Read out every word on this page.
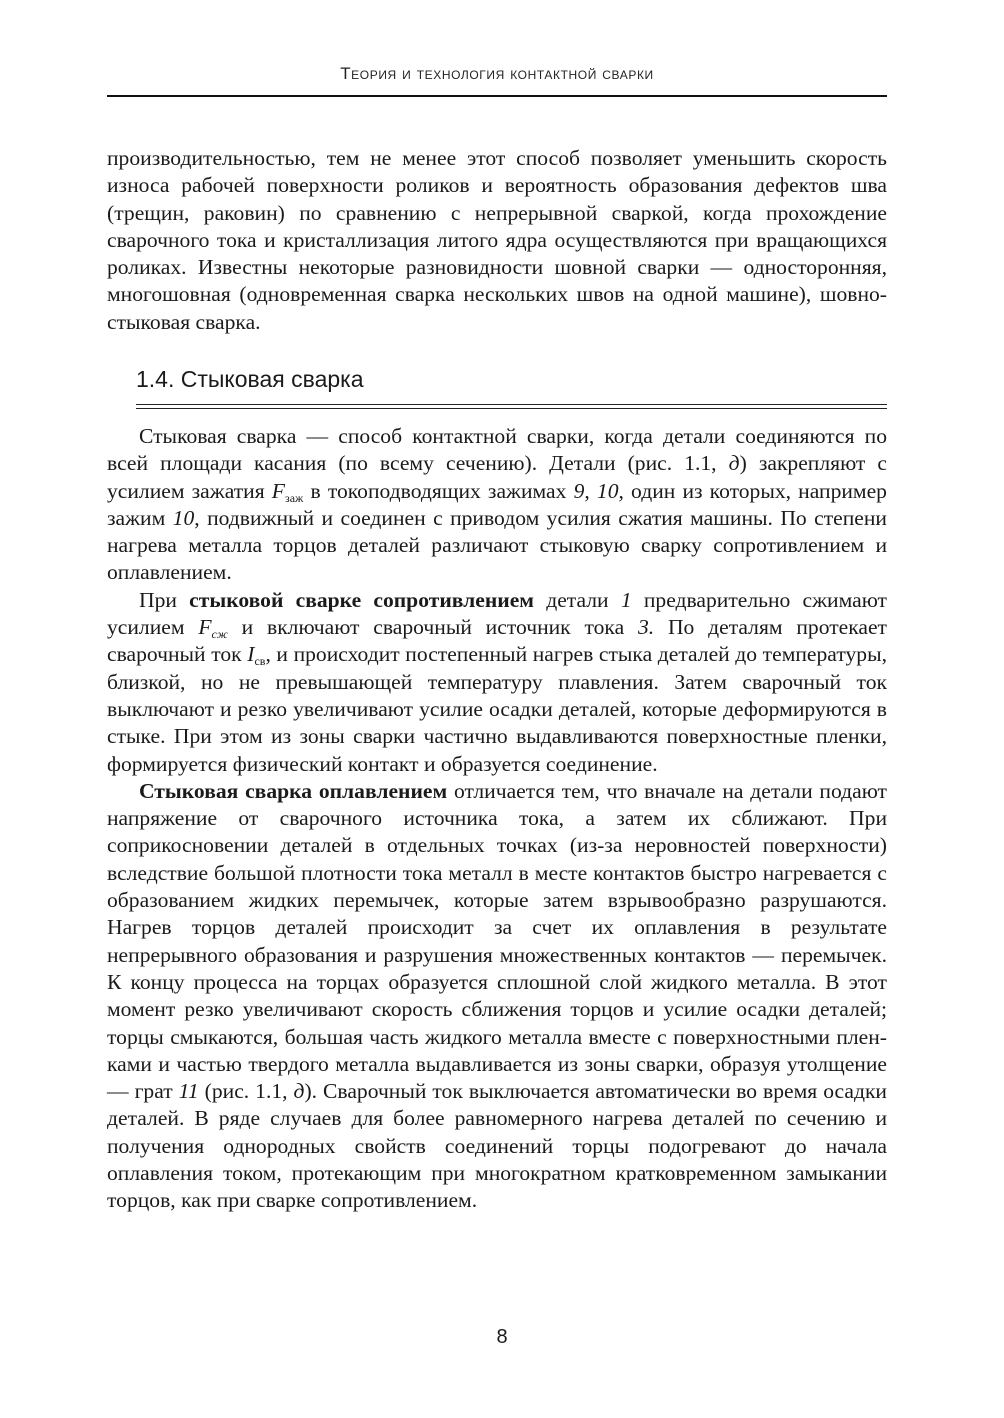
Теория и технология контактной сварки

производительностью, тем не менее этот способ позволяет уменьшить скорость износа рабочей поверхности роликов и вероятность образования дефектов шва (трещин, раковин) по сравнению с непрерывной сваркой, когда прохождение сварочного тока и кристаллизация литого ядра осуществляются при вращающихся роликах. Известны некоторые разновидности шовной сварки — односторонняя, многошовная (одновременная сварка нескольких швов на одной машине), шовно-стыковая сварка.

1.4. Стыковая сварка

Стыковая сварка — способ контактной сварки, когда детали соединяются по всей площади касания (по всему сечению). Детали (рис. 1.1, д) закрепляют с усилием зажатия $F_{заж}$ в токоподводящих зажимах 9, 10, один из которых, например зажим 10, подвижный и соединен с приводом усилия сжатия машины. По степени нагрева металла торцов деталей различают стыковую сварку сопротивлением и оплавлением.

При стыковой сварке сопротивлением детали 1 предварительно сжимают усилием $F_{сж}$ и включают сварочный источник тока 3. По деталям протекает сварочный ток $I_{св}$, и происходит постепенный нагрев стыка деталей до температуры, близкой, но не превышающей температуру плавления. Затем сварочный ток выключают и резко увеличивают усилие осадки деталей, которые деформируются в стыке. При этом из зоны сварки частично выдавливаются поверхностные пленки, формируется физический контакт и образуется соединение.

Стыковая сварка оплавлением отличается тем, что вначале на детали подают напряжение от сварочного источника тока, а затем их сближают. При соприкосновении деталей в отдельных точках (из-за неровностей поверхности) вследствие большой плотности тока металл в месте контактов быстро нагревается с образованием жидких перемычек, которые затем взрывообразно разрушаются. Нагрев торцов деталей происходит за счет их оплавления в результате непрерывного образования и разрушения множественных контактов — перемычек. К концу процесса на торцах образуется сплошной слой жидкого металла. В этот момент резко увеличивают скорость сближения торцов и усилие осадки деталей; торцы смыкаются, большая часть жидкого металла вместе с поверхностными пленками и частью твердого металла выдавливается из зоны сварки, образуя утолщение — грат 11 (рис. 1.1, д). Сварочный ток выключается автоматически во время осадки деталей. В ряде случаев для более равномерного нагрева деталей по сечению и получения однородных свойств соединений торцы подогревают до начала оплавления током, протекающим при многократном кратковременном замыкании торцов, как при сварке сопротивлением.

8
